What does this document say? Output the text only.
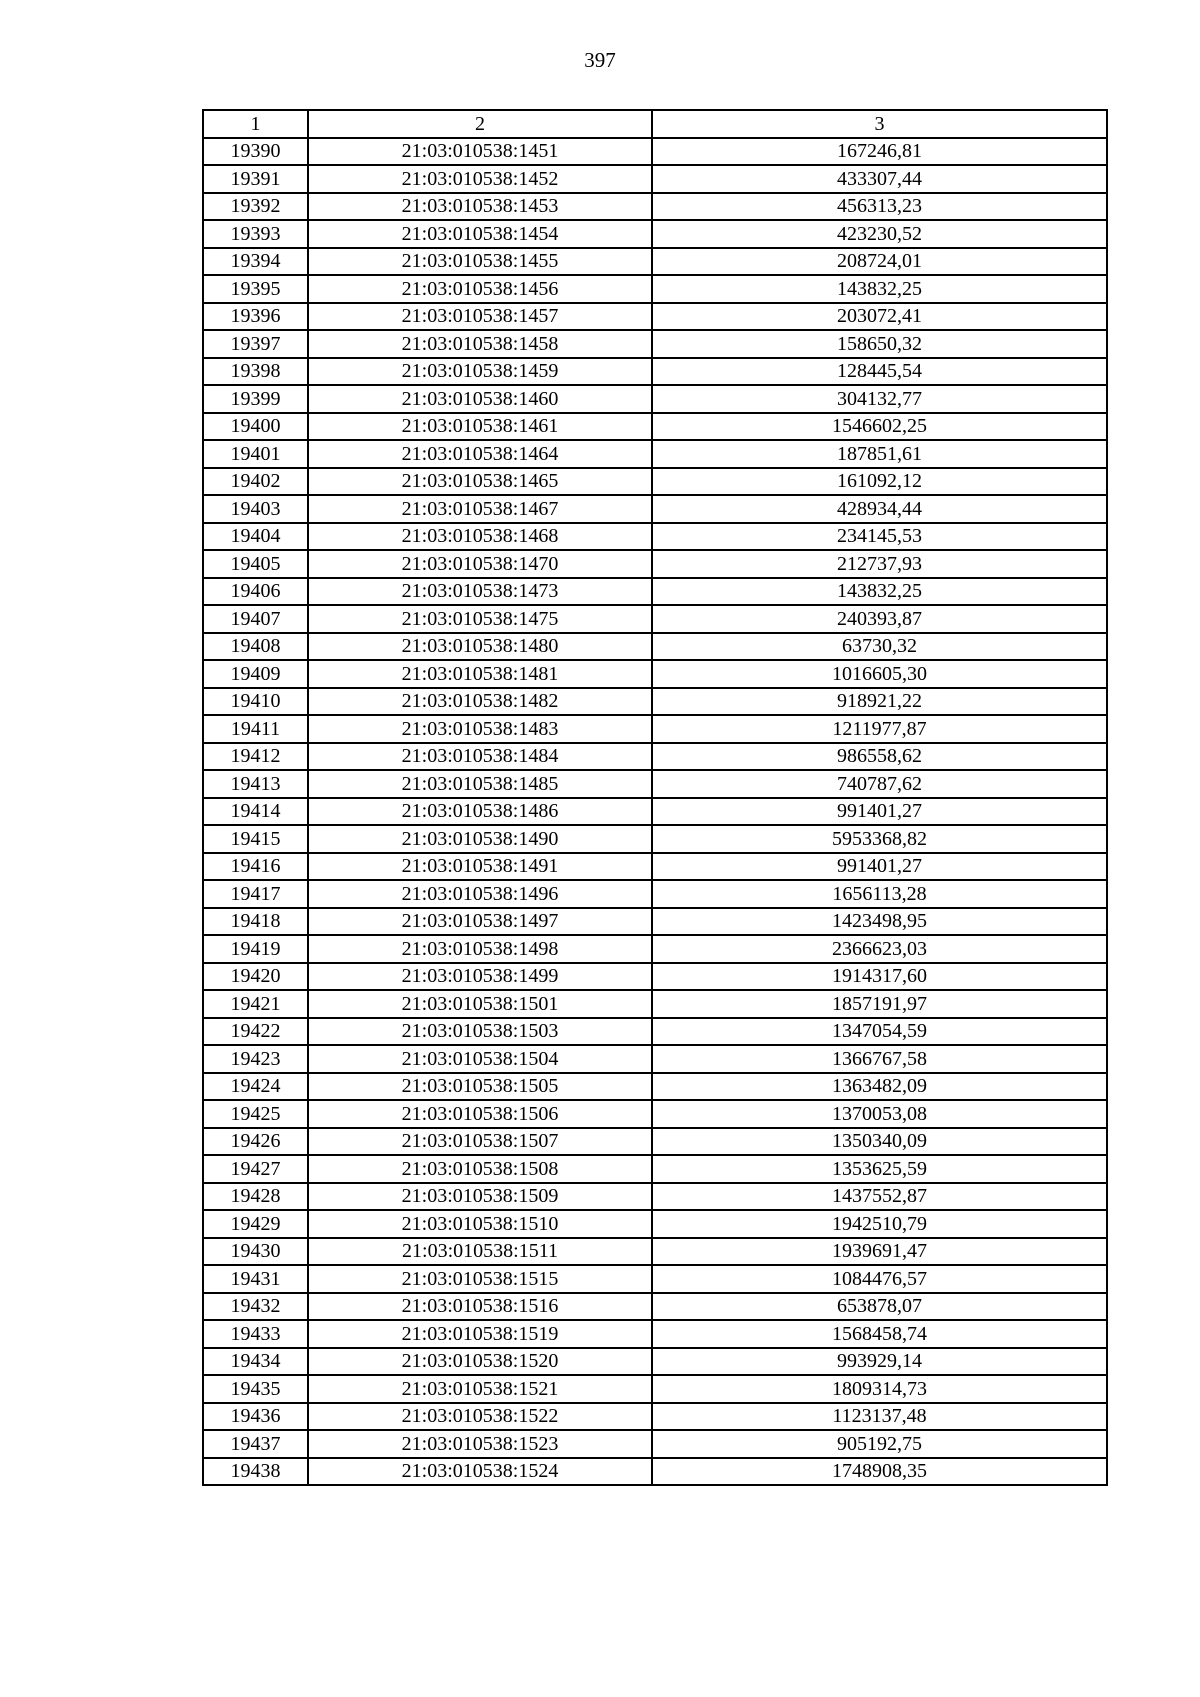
397
1	2	3
19390	21:03:010538:1451	167246,81
19391	21:03:010538:1452	433307,44
19392	21:03:010538:1453	456313,23
19393	21:03:010538:1454	423230,52
19394	21:03:010538:1455	208724,01
19395	21:03:010538:1456	143832,25
19396	21:03:010538:1457	203072,41
19397	21:03:010538:1458	158650,32
19398	21:03:010538:1459	128445,54
19399	21:03:010538:1460	304132,77
19400	21:03:010538:1461	1546602,25
19401	21:03:010538:1464	187851,61
19402	21:03:010538:1465	161092,12
19403	21:03:010538:1467	428934,44
19404	21:03:010538:1468	234145,53
19405	21:03:010538:1470	212737,93
19406	21:03:010538:1473	143832,25
19407	21:03:010538:1475	240393,87
19408	21:03:010538:1480	63730,32
19409	21:03:010538:1481	1016605,30
19410	21:03:010538:1482	918921,22
19411	21:03:010538:1483	1211977,87
19412	21:03:010538:1484	986558,62
19413	21:03:010538:1485	740787,62
19414	21:03:010538:1486	991401,27
19415	21:03:010538:1490	5953368,82
19416	21:03:010538:1491	991401,27
19417	21:03:010538:1496	1656113,28
19418	21:03:010538:1497	1423498,95
19419	21:03:010538:1498	2366623,03
19420	21:03:010538:1499	1914317,60
19421	21:03:010538:1501	1857191,97
19422	21:03:010538:1503	1347054,59
19423	21:03:010538:1504	1366767,58
19424	21:03:010538:1505	1363482,09
19425	21:03:010538:1506	1370053,08
19426	21:03:010538:1507	1350340,09
19427	21:03:010538:1508	1353625,59
19428	21:03:010538:1509	1437552,87
19429	21:03:010538:1510	1942510,79
19430	21:03:010538:1511	1939691,47
19431	21:03:010538:1515	1084476,57
19432	21:03:010538:1516	653878,07
19433	21:03:010538:1519	1568458,74
19434	21:03:010538:1520	993929,14
19435	21:03:010538:1521	1809314,73
19436	21:03:010538:1522	1123137,48
19437	21:03:010538:1523	905192,75
19438	21:03:010538:1524	1748908,35
